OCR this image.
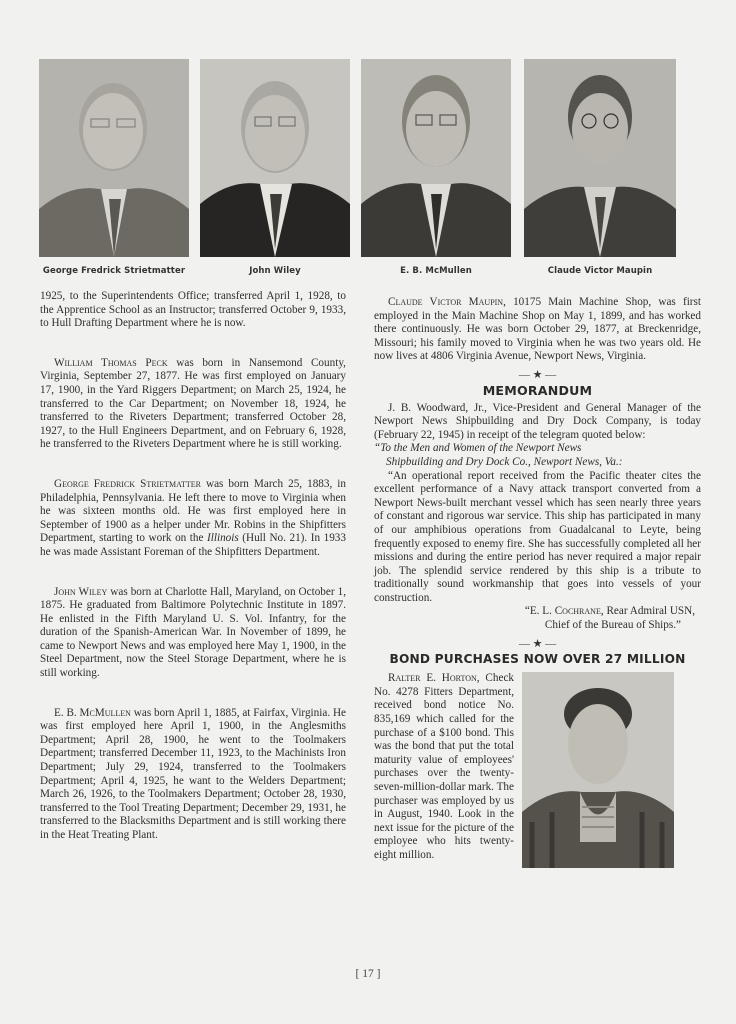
George Fredrick Strietmatter	John Wiley	E. B. McMullen	Claude Victor Maupin

1925, to the Superintendents Office; transferred April 1, 1928, to the Apprentice School as an Instructor; transferred October 9, 1933, to Hull Drafting Department where he is now.

William Thomas Peck was born in Nansemond County, Virginia, September 27, 1877. He was first employed on January 17, 1900, in the Yard Riggers Department; on March 25, 1924, he transferred to the Car Department; on November 18, 1924, he transferred to the Riveters Department; transferred October 28, 1927, to the Hull Engineers Department, and on February 6, 1928, he transferred to the Riveters Department where he is still working.

George Fredrick Strietmatter was born March 25, 1883, in Philadelphia, Pennsylvania. He left there to move to Virginia when he was sixteen months old. He was first employed here in September of 1900 as a helper under Mr. Robins in the Shipfitters Department, starting to work on the Illinois (Hull No. 21). In 1933 he was made Assistant Foreman of the Shipfitters Department.

John Wiley was born at Charlotte Hall, Maryland, on October 1, 1875. He graduated from Baltimore Polytechnic Institute in 1897. He enlisted in the Fifth Maryland U. S. Vol. Infantry, for the duration of the Spanish-American War. In November of 1899, he came to Newport News and was employed here May 1, 1900, in the Steel Department, now the Steel Storage Department, where he is still working.

E. B. McMullen was born April 1, 1885, at Fairfax, Virginia. He was first employed here April 1, 1900, in the Anglesmiths Department; April 28, 1900, he went to the Toolmakers Department; transferred December 11, 1923, to the Machinists Iron Department; July 29, 1924, transferred to the Toolmakers Department; April 4, 1925, he want to the Welders Department; March 26, 1926, to the Toolmakers Department; October 28, 1930, transferred to the Tool Treating Department; December 29, 1931, he transferred to the Blacksmiths Department and is still working there in the Heat Treating Plant.

Claude Victor Maupin, 10175 Main Machine Shop, was first employed in the Main Machine Shop on May 1, 1899, and has worked there continuously. He was born October 29, 1877, at Breckenridge, Missouri; his family moved to Virginia when he was two years old. He now lives at 4806 Virginia Avenue, Newport News, Virginia.

— ★ —
MEMORANDUM

J. B. Woodward, Jr., Vice-President and General Manager of the Newport News Shipbuilding and Dry Dock Company, is today (February 22, 1945) in receipt of the telegram quoted below:

“To the Men and Women of the Newport News

Shipbuilding and Dry Dock Co., Newport News, Va.:

“An operational report received from the Pacific theater cites the excellent performance of a Navy attack transport converted from a Newport News-built merchant vessel which has seen nearly three years of constant and rigorous war service. This ship has participated in many of our amphibious operations from Guadalcanal to Leyte, being frequently exposed to enemy fire. She has successfully completed all her missions and during the entire period has never required a major repair job. The splendid service rendered by this ship is a tribute to traditionally sound workmanship that goes into vessels of your construction.

“E. L. Cochrane, Rear Admiral USN,

Chief of the Bureau of Ships.”

— ★ —
BOND PURCHASES NOW OVER 27 MILLION

Ralter E. Horton, Check No. 4278 Fitters Department, received bond notice No. 835,169 which called for the purchase of a $100 bond. This was the bond that put the total maturity value of employees' purchases over the twenty-seven-million-dollar mark. The purchaser was employed by us in August, 1940. Look in the next issue for the picture of the employee who hits twenty-eight million.

[ 17 ]
